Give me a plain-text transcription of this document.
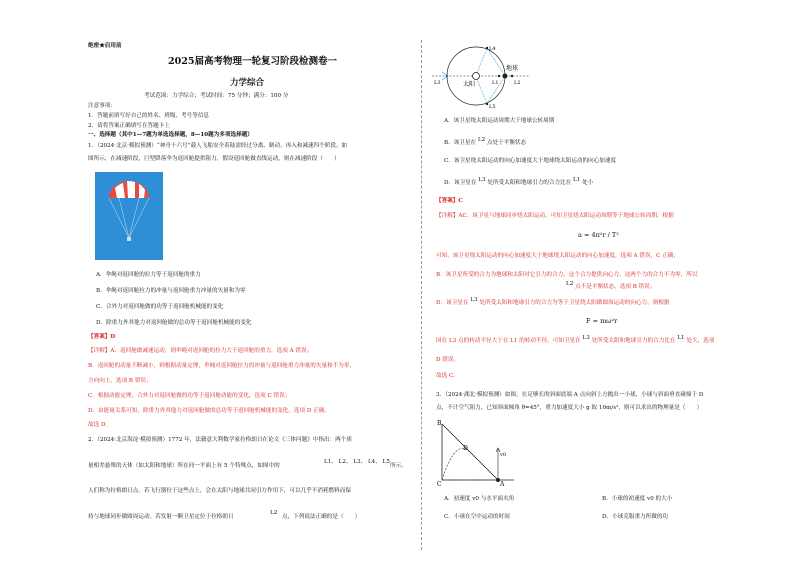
绝密★启用前
2025届高考物理一轮复习阶段检测卷一
力学综合
考试范围：力学综合；考试时间：75 分钟；满分：100 分
注意事项：
1．答题前填写好自己的姓名、班级、考号等信息
2．请将答案正确填写在答题卡上
一、选择题（其中1—7题为单选选择题，8—10题为多项选择题）
1．（2024·北京·模拟预测）“神舟十六号”载人飞船安全着陆需经过分离、制动、再入和减速四个阶段。如
图所示，在减速阶段，巨型降落伞为返回舱提供阻力，假设返回舱做直线运动，则在减速阶段（　　）
A．伞绳对返回舱的拉力等于返回舱的重力
B．伞绳对返回舱拉力的冲量与返回舱重力冲量的矢量和为零
C．合外力对返回舱做的功等于返回舱机械能的变化
D．除重力外其他力对返回舱做的总功等于返回舱机械能的变化
【答案】D
【详解】A．返回舱做减速运动，则伞绳对返回舱的拉力大于返回舱的重力，选项 A 错误；
B．返回舱的动量不断减小，则根据动量定理，伞绳对返回舱拉力的冲量与返回舱重力冲量的矢量和不为零，
方向向上，选项 B 错误；
C．根据动能定理，合外力对返回舱做的功等于返回舱动能的变化，选项 C 错误；
D．由能量关系可知，除重力外其他力对返回舱做的总功等于返回舱机械能的变化，选项 D 正确。
故选 D。
2．（2024·北京海淀·模拟预测）1772 年，法籍意大利数学家拉格朗日在论文《三体问题》中指出：两个质
量相差悬殊的天体（如太阳和地球）所在同一平面上有 5 个特殊点，如图中的
L1、 L2、 L3、 L4、 L5
所示，
人们称为拉格朗日点。若飞行器位于这些点上，会在太阳与地球共同引力作用下，可以几乎不消耗燃料而保
持与地球同步做圆周运动。若发射一颗卫星定位于拉格朗日
L2
点，下列说法正确的是（　　）
太阳
地球
L3	L1	L2
L4
L5
A．该卫星绕太阳运动周期大于地球公转周期
B．该卫星在 L2 点处于平衡状态
C．该卫星绕太阳运动的向心加速度大于地球绕太阳运动的向心加速度
D．该卫星在 L3 处所受太阳和地球引力的合力比在 L1 处小
【答案】C
【详解】AC．该卫星与地球同步绕太阳运动，可知卫星绕太阳运动周期等于地球公转周期，根据
a = 4π²r / T²
可知，该卫星绕太阳运动的向心加速度大于地球绕太阳运动的向心加速度，选项 A 错误，C 正确；
B．该卫星所受的合力为地球和太阳对它引力的合力，这个合力提供向心力，这两个力的合力不为零，所以
L2 点不是平衡状态，选项 B 错误；
D．该卫星在 L3 处所受太阳和地球引力的合力为等于卫星绕太阳做圆周运动的向心力，则根据
F = mω²r
因在 L3 点的转动半径大于在 L1 的转动半径，可知卫星在 L3 处所受太阳和地球引力的合力比在 L1 处大，选项
D 错误。
故选 C。
3．（2024·湖北·模拟预测）如图，在足够长的斜面底端 A 点向斜上方抛出一小球，小球与斜面垂直碰撞于 D
点，不计空气阻力，已知斜面倾角 θ=45°，重力加速度大小 g 取 10m/s²，则可以求出的物理量是（　　）
B
C
D
A
v0
A．初速度 v0 与水平面夹角	B．小球的初速度 v0 的大小
C．小球在空中运动的时间	D．小球克服重力所做的功
